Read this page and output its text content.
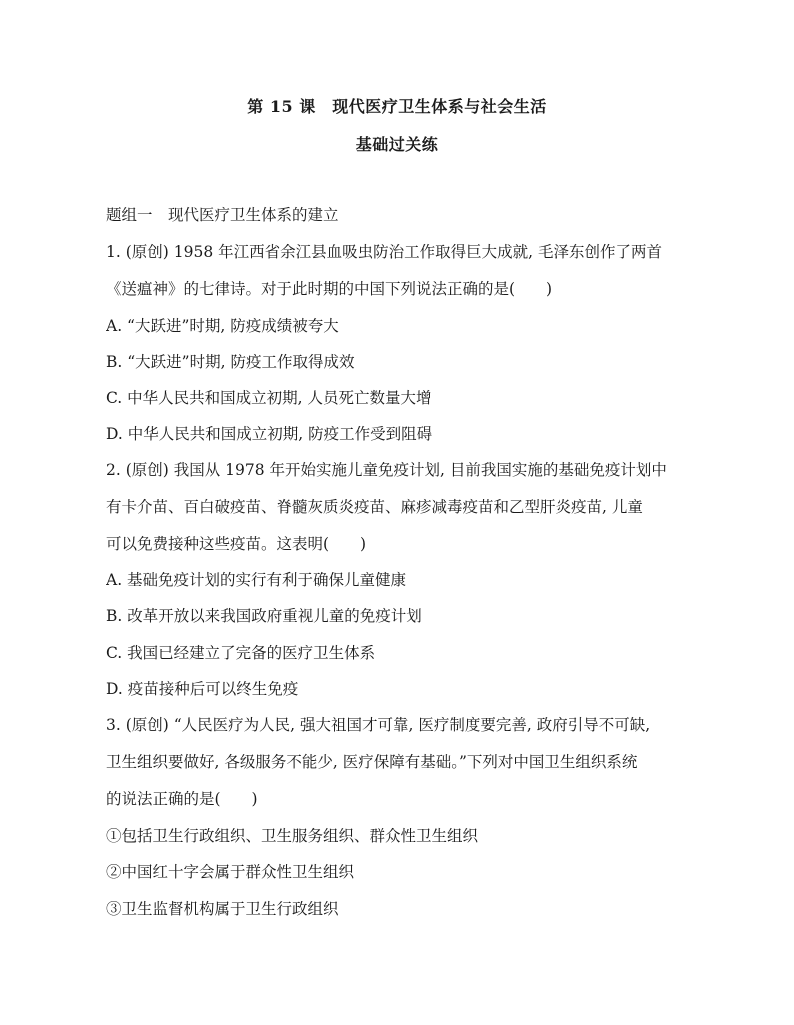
第 15 课　现代医疗卫生体系与社会生活
基础过关练
题组一　现代医疗卫生体系的建立
1. (原创) 1958 年江西省余江县血吸虫防治工作取得巨大成就, 毛泽东创作了两首
《送瘟神》的七律诗。对于此时期的中国下列说法正确的是(　　)
A. “大跃进”时期, 防疫成绩被夸大
B. “大跃进”时期, 防疫工作取得成效
C. 中华人民共和国成立初期, 人员死亡数量大增
D. 中华人民共和国成立初期, 防疫工作受到阻碍
2. (原创) 我国从 1978 年开始实施儿童免疫计划, 目前我国实施的基础免疫计划中
有卡介苗、百白破疫苗、脊髓灰质炎疫苗、麻疹减毒疫苗和乙型肝炎疫苗, 儿童
可以免费接种这些疫苗。这表明(　　)
A. 基础免疫计划的实行有利于确保儿童健康
B. 改革开放以来我国政府重视儿童的免疫计划
C. 我国已经建立了完备的医疗卫生体系
D. 疫苗接种后可以终生免疫
3. (原创) “人民医疗为人民, 强大祖国才可靠, 医疗制度要完善, 政府引导不可缺,
卫生组织要做好, 各级服务不能少, 医疗保障有基础。”下列对中国卫生组织系统
的说法正确的是(　　)
①包括卫生行政组织、卫生服务组织、群众性卫生组织
②中国红十字会属于群众性卫生组织
③卫生监督机构属于卫生行政组织
